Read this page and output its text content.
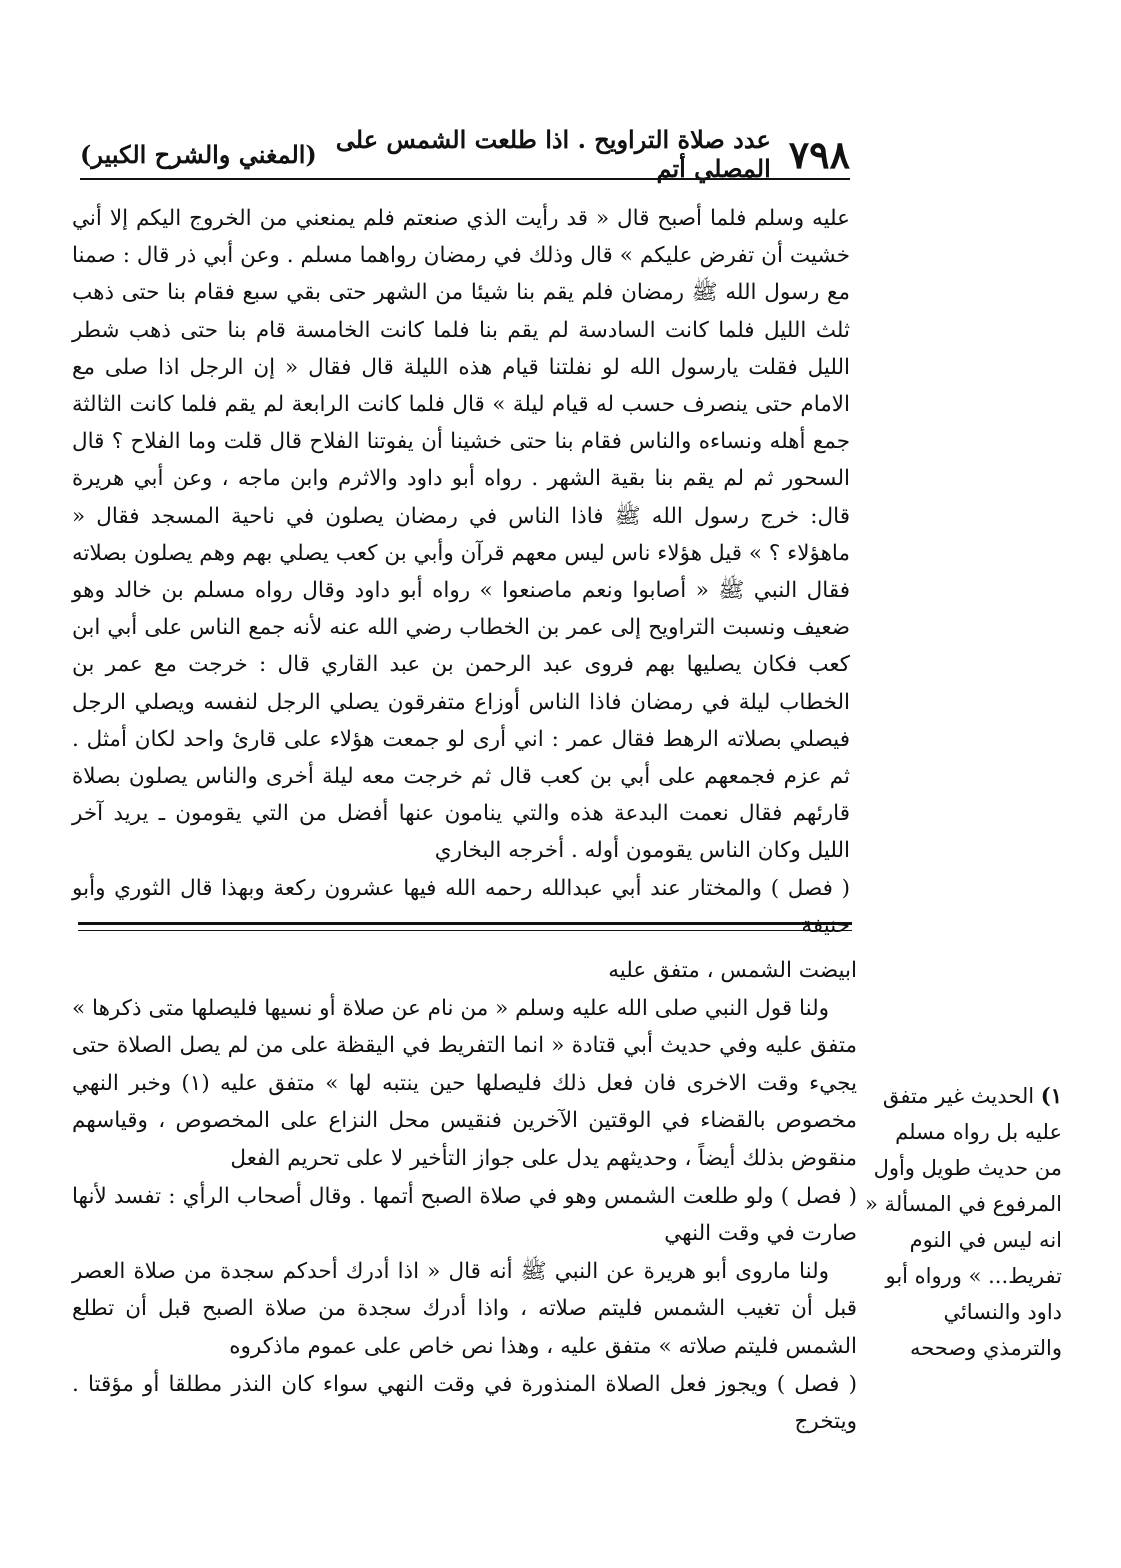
٧٩٨
عدد صلاة التراويح . اذا طلعت الشمس على المصلي أتم
(المغني والشرح الكبير)

عليه وسلم فلما أصبح قال « قد رأيت الذي صنعتم فلم يمنعني من الخروج اليكم إلا أني خشيت أن تفرض عليكم » قال وذلك في رمضان رواهما مسلم . وعن أبي ذر قال : صمنا مع رسول الله ﷺ رمضان فلم يقم بنا شيئا من الشهر حتى بقي سبع فقام بنا حتى ذهب ثلث الليل فلما كانت السادسة لم يقم بنا فلما كانت الخامسة قام بنا حتى ذهب شطر الليل فقلت يارسول الله لو نفلتنا قيام هذه الليلة قال فقال « إن الرجل اذا صلى مع الامام حتى ينصرف حسب له قيام ليلة » قال فلما كانت الرابعة لم يقم فلما كانت الثالثة جمع أهله ونساءه والناس فقام بنا حتى خشينا أن يفوتنا الفلاح قال قلت وما الفلاح ؟ قال السحور ثم لم يقم بنا بقية الشهر . رواه أبو داود والاثرم وابن ماجه ، وعن أبي هريرة قال: خرج رسول الله ﷺ فاذا الناس في رمضان يصلون في ناحية المسجد فقال « ماهؤلاء ؟ » قيل هؤلاء ناس ليس معهم قرآن وأبي بن كعب يصلي بهم وهم يصلون بصلاته فقال النبي ﷺ « أصابوا ونعم ماصنعوا » رواه أبو داود وقال رواه مسلم بن خالد وهو ضعيف ونسبت التراويح إلى عمر بن الخطاب رضي الله عنه لأنه جمع الناس على أبي ابن كعب فكان يصليها بهم فروى عبد الرحمن بن عبد القاري قال : خرجت مع عمر بن الخطاب ليلة في رمضان فاذا الناس أوزاع متفرقون يصلي الرجل لنفسه ويصلي الرجل فيصلي بصلاته الرهط فقال عمر : اني أرى لو جمعت هؤلاء على قارئ واحد لكان أمثل . ثم عزم فجمعهم على أبي بن كعب قال ثم خرجت معه ليلة أخرى والناس يصلون بصلاة قارئهم فقال نعمت البدعة هذه والتي ينامون عنها أفضل من التي يقومون ـ يريد آخر الليل وكان الناس يقومون أوله . أخرجه البخاري

( فصل ) والمختار عند أبي عبدالله رحمه الله فيها عشرون ركعة وبهذا قال الثوري وأبو حنيفة

ابيضت الشمس ، متفق عليه

ولنا قول النبي صلى الله عليه وسلم « من نام عن صلاة أو نسيها فليصلها متى ذكرها » متفق عليه وفي حديث أبي قتادة « انما التفريط في اليقظة على من لم يصل الصلاة حتى يجيء وقت الاخرى فان فعل ذلك فليصلها حين ينتبه لها » متفق عليه (١) وخبر النهي مخصوص بالقضاء في الوقتين الآخرين فنقيس محل النزاع على المخصوص ، وقياسهم منقوض بذلك أيضاً ، وحديثهم يدل على جواز التأخير لا على تحريم الفعل

( فصل ) ولو طلعت الشمس وهو في صلاة الصبح أتمها . وقال أصحاب الرأي : تفسد لأنها صارت في وقت النهي

ولنا ماروى أبو هريرة عن النبي ﷺ أنه قال « اذا أدرك أحدكم سجدة من صلاة العصر قبل أن تغيب الشمس فليتم صلاته ، واذا أدرك سجدة من صلاة الصبح قبل أن تطلع الشمس فليتم صلاته » متفق عليه ، وهذا نص خاص على عموم ماذكروه

( فصل ) ويجوز فعل الصلاة المنذورة في وقت النهي سواء كان النذر مطلقا أو مؤقتا . ويتخرج

١) الحديث غير متفق عليه بل رواه مسلم من حديث طويل وأول المرفوع في المسألة « انه ليس في النوم تفريط... » ورواه أبو داود والنسائي والترمذي وصححه
